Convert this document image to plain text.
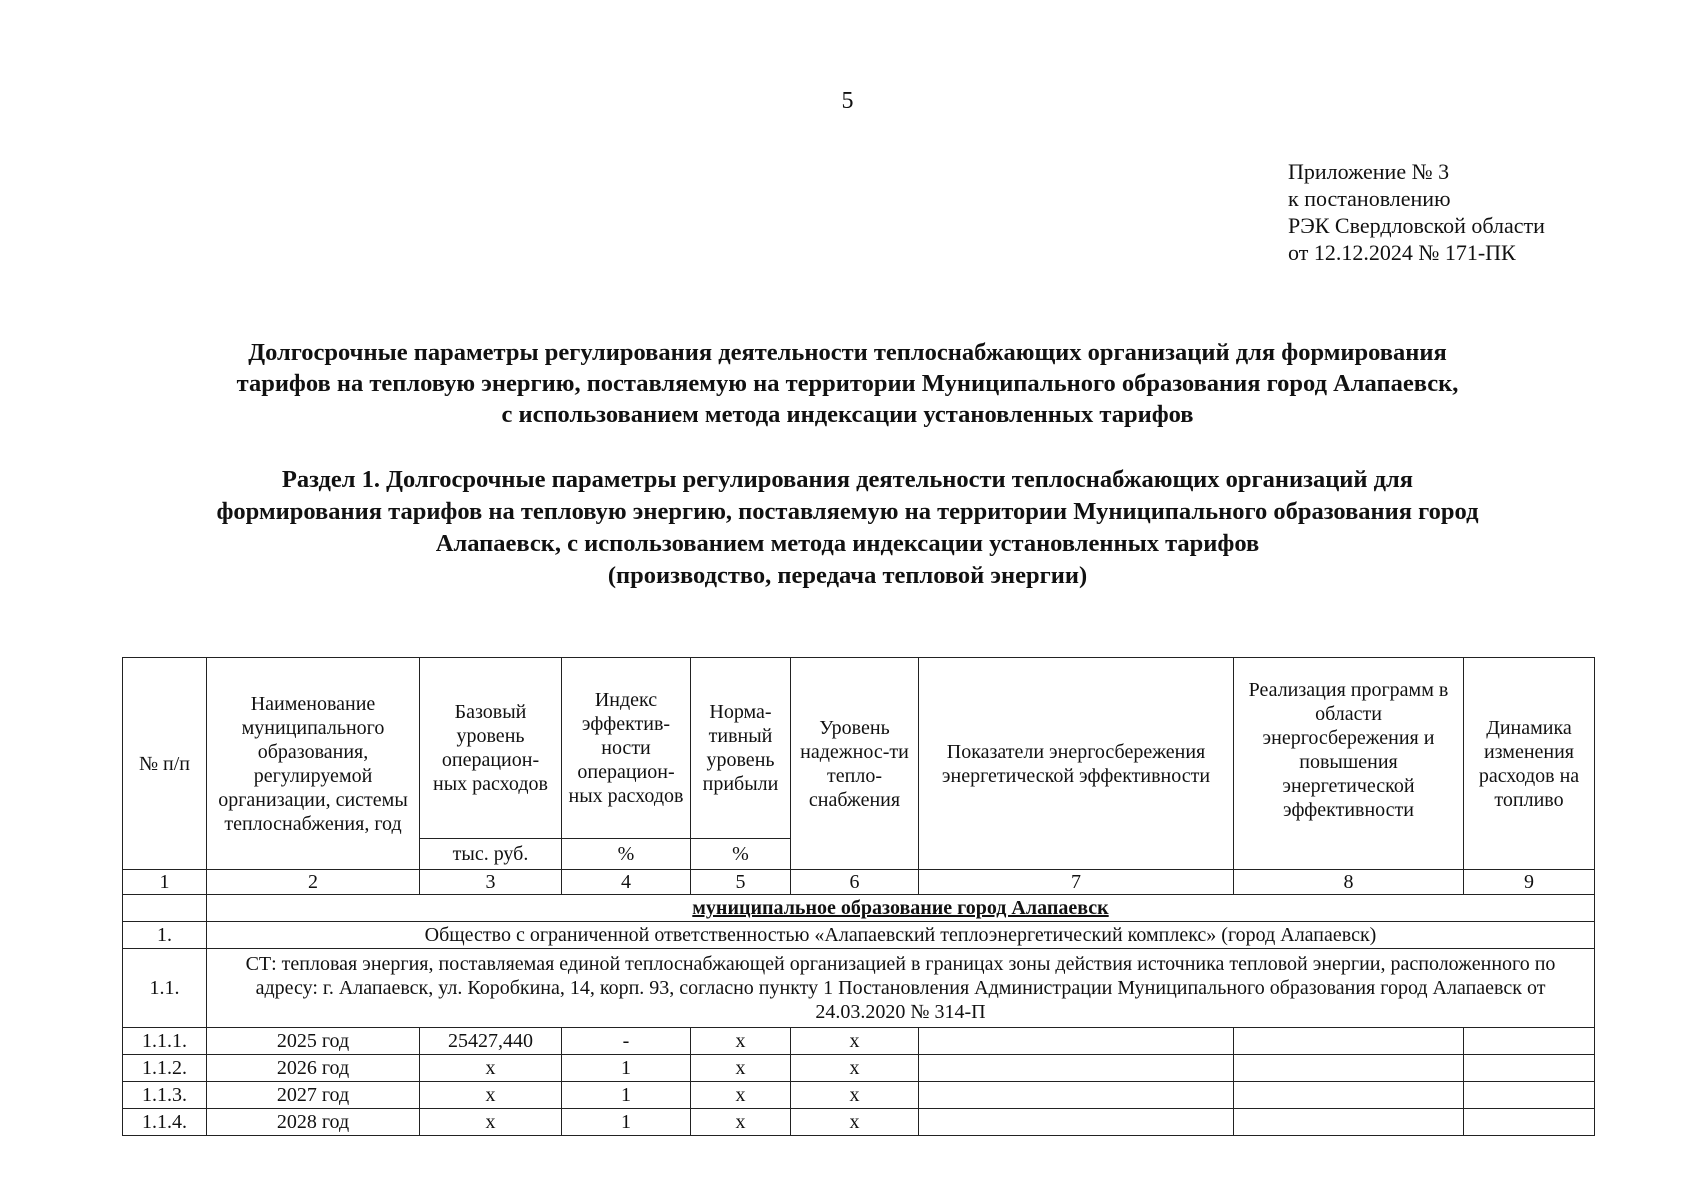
5
Приложение № 3
к постановлению
РЭК Свердловской области
от 12.12.2024 № 171-ПК
Долгосрочные параметры регулирования деятельности теплоснабжающих организаций для формирования
тарифов на тепловую энергию, поставляемую на территории Муниципального образования город Алапаевск,
с использованием метода индексации установленных тарифов
Раздел 1. Долгосрочные параметры регулирования деятельности теплоснабжающих организаций для
формирования тарифов на тепловую энергию, поставляемую на территории Муниципального образования город
Алапаевск, с использованием метода индексации установленных тарифов
(производство, передача тепловой энергии)
№ п/п	Наименование муниципального образования, регулируемой организации, системы теплоснабжения, год	Базовый уровень операцион-ных расходов	Индекс эффектив-ности операцион-ных расходов	Норма-тивный уровень прибыли	Уровень надежнос-ти тепло-снабжения	Показатели энергосбережения энергетической эффективности	Реализация программ в области энергосбережения и повышения энергетической эффективности	Динамика изменения расходов на топливо
		тыс. руб.	%	%				
1	2	3	4	5	6	7	8	9
	муниципальное образование город Алапаевск							
1.	Общество с ограниченной ответственностью «Алапаевский теплоэнергетический комплекс» (город Алапаевск)							
1.1.	СТ: тепловая энергия, поставляемая единой теплоснабжающей организацией в границах зоны действия источника тепловой энергии, расположенного по адресу: г. Алапаевск, ул. Коробкина, 14, корп. 93, согласно пункту 1 Постановления Администрации Муниципального образования город Алапаевск от 24.03.2020 № 314-П							
1.1.1.	2025 год	25427,440	-	х	х			
1.1.2.	2026 год	х	1	х	х			
1.1.3.	2027 год	х	1	х	х			
1.1.4.	2028 год	х	1	х	х			
